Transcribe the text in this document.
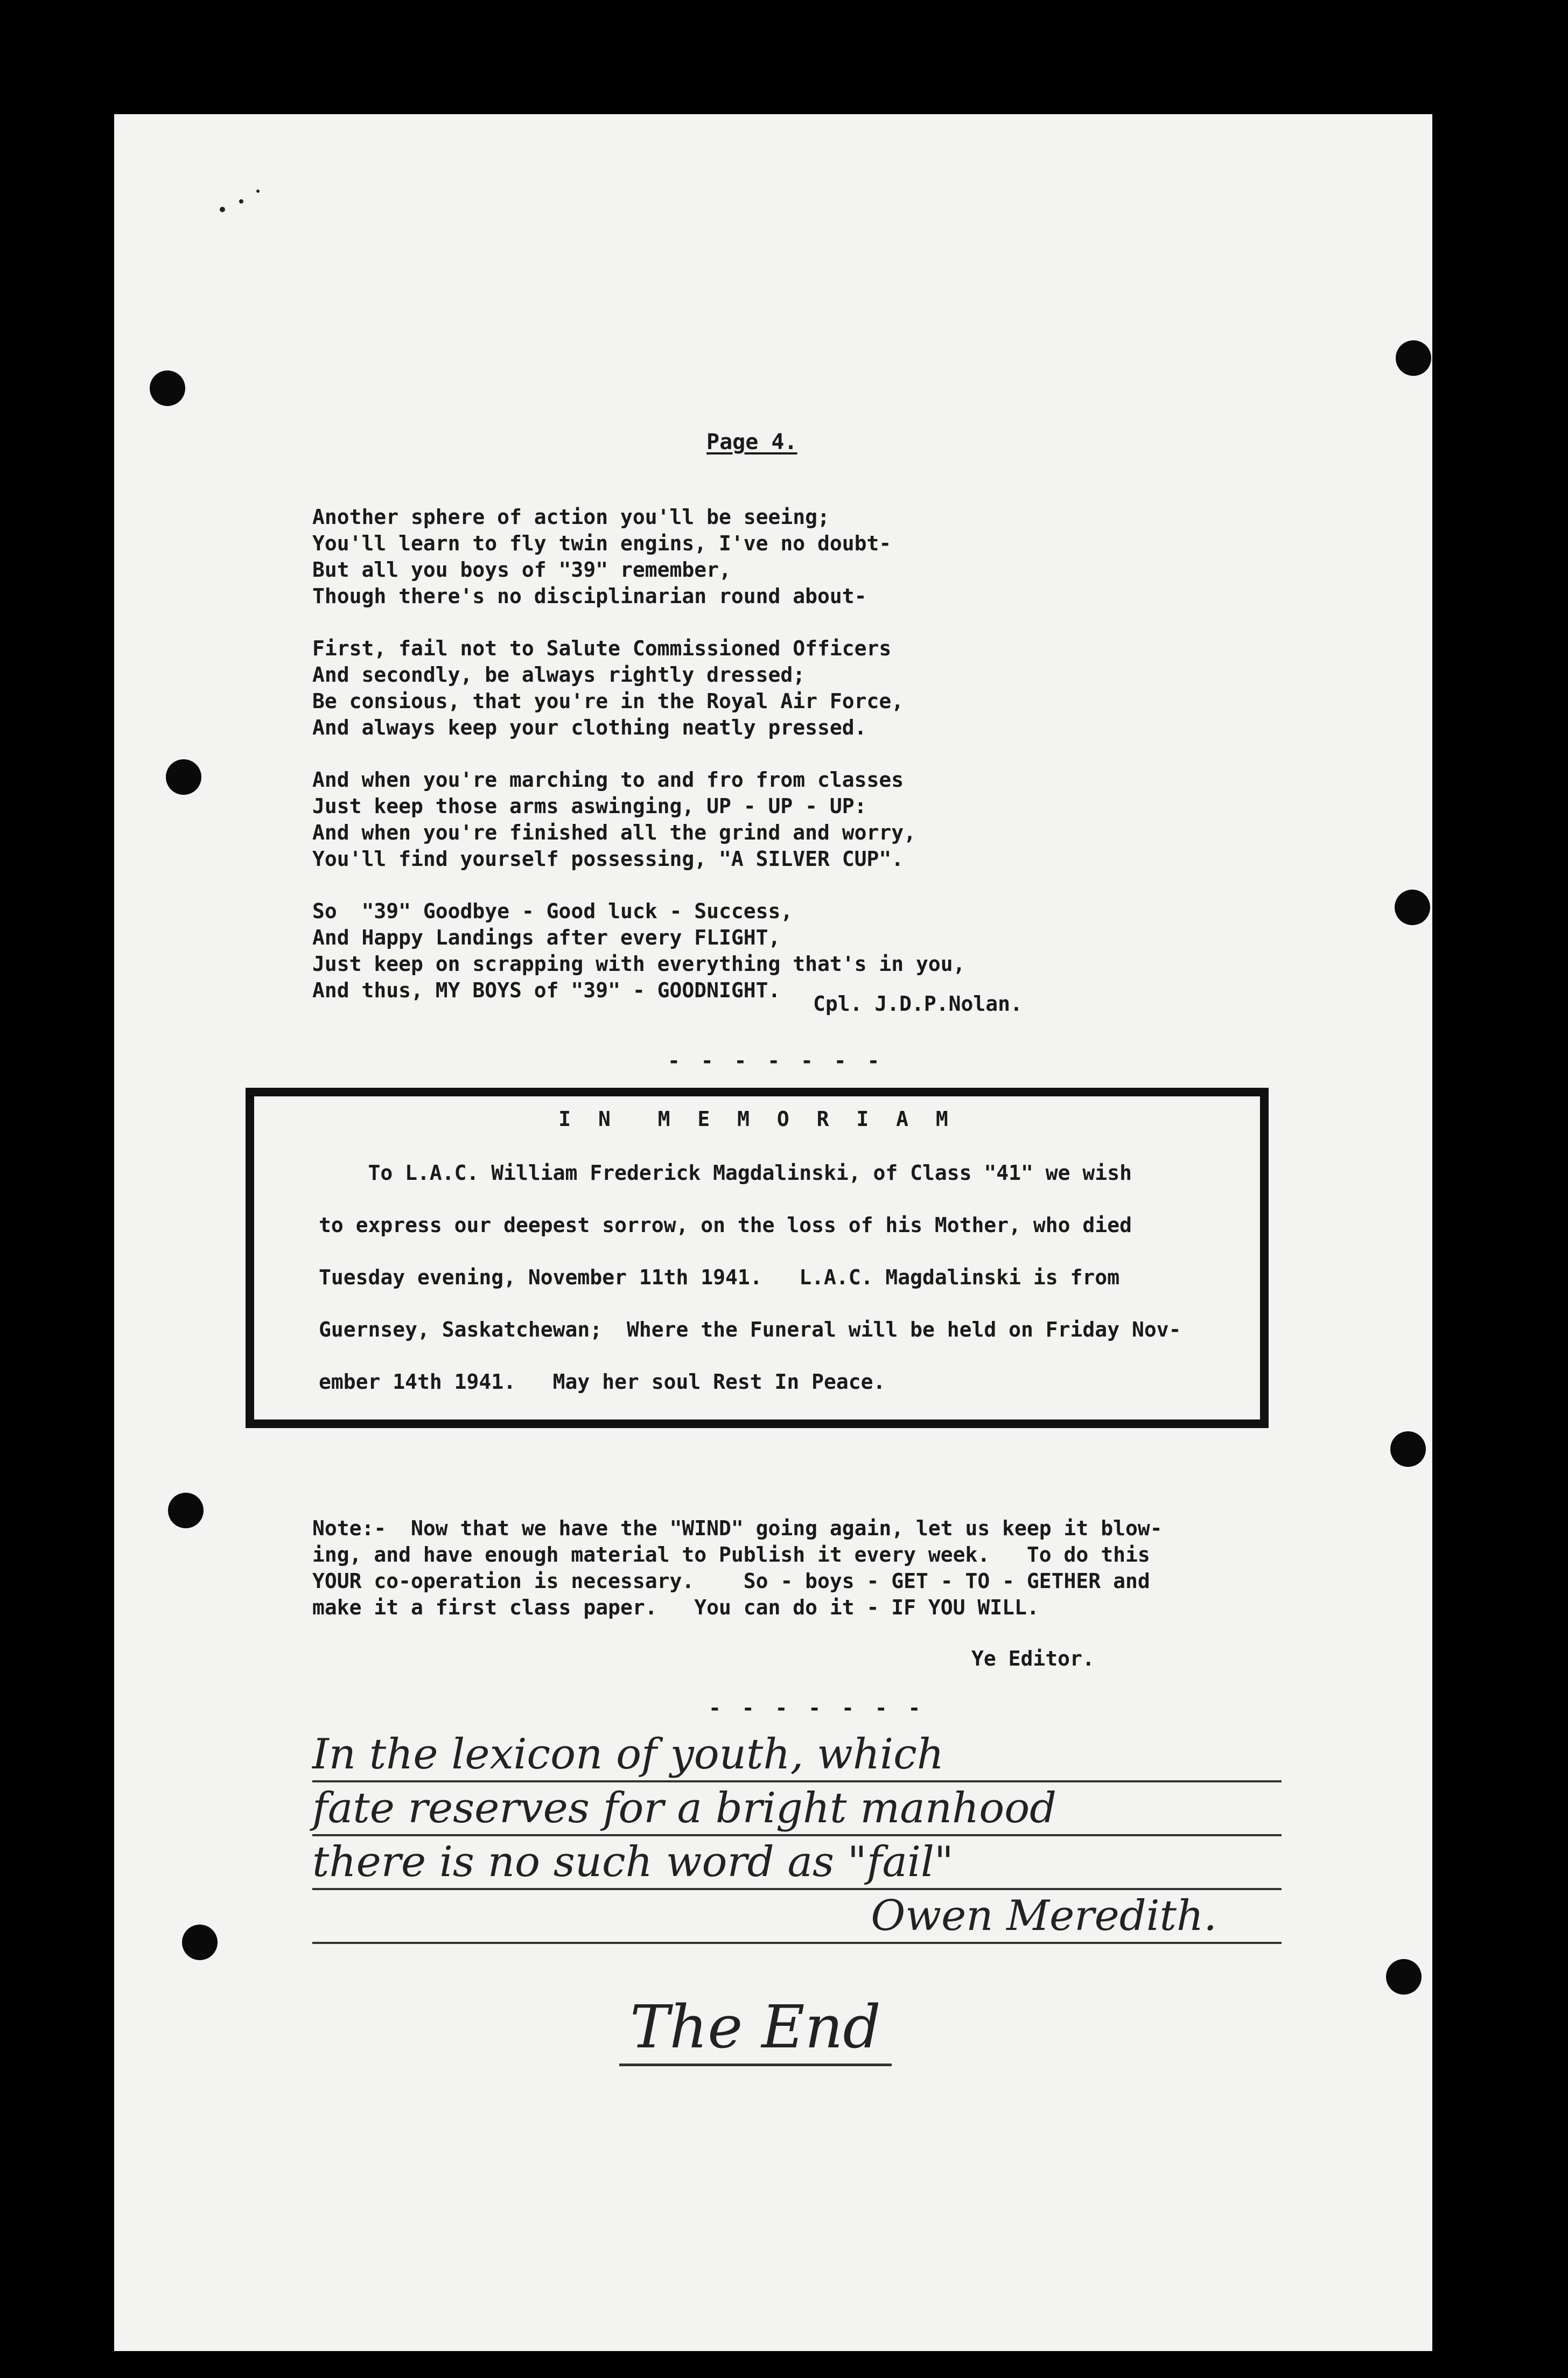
Page 4.
Another sphere of action you'll be seeing;
You'll learn to fly twin engins, I've no doubt-
But all you boys of "39" remember,
Though there's no disciplinarian round about-
First, fail not to Salute Commissioned Officers
And secondly, be always rightly dressed;
Be consious, that you're in the Royal Air Force,
And always keep your clothing neatly pressed.
And when you're marching to and fro from classes
Just keep those arms aswinging, UP - UP - UP:
And when you're finished all the grind and worry,
You'll find yourself possessing, "A SILVER CUP".
So  "39" Goodbye - Good luck - Success,
And Happy Landings after every FLIGHT,
Just keep on scrapping with everything that's in you,
And thus, MY BOYS of "39" - GOODNIGHT.
Cpl. J.D.P.Nolan.
- - - - - - -
I N  M E M O R I A M
To L.A.C. William Frederick Magdalinski, of Class "41" we wish
to express our deepest sorrow, on the loss of his Mother, who died
Tuesday evening, November 11th 1941.   L.A.C. Magdalinski is from
Guernsey, Saskatchewan;  Where the Funeral will be held on Friday Nov-
ember 14th 1941.   May her soul Rest In Peace.
Note:-  Now that we have the "WIND" going again, let us keep it blow-
ing, and have enough material to Publish it every week.   To do this
YOUR co-operation is necessary.    So - boys - GET - TO - GETHER and
make it a first class paper.   You can do it - IF YOU WILL.
Ye Editor.
- - - - - - -
In the lexicon of youth, which
fate reserves for a bright manhood
there is no such word as "fail"
Owen Meredith.
The End
